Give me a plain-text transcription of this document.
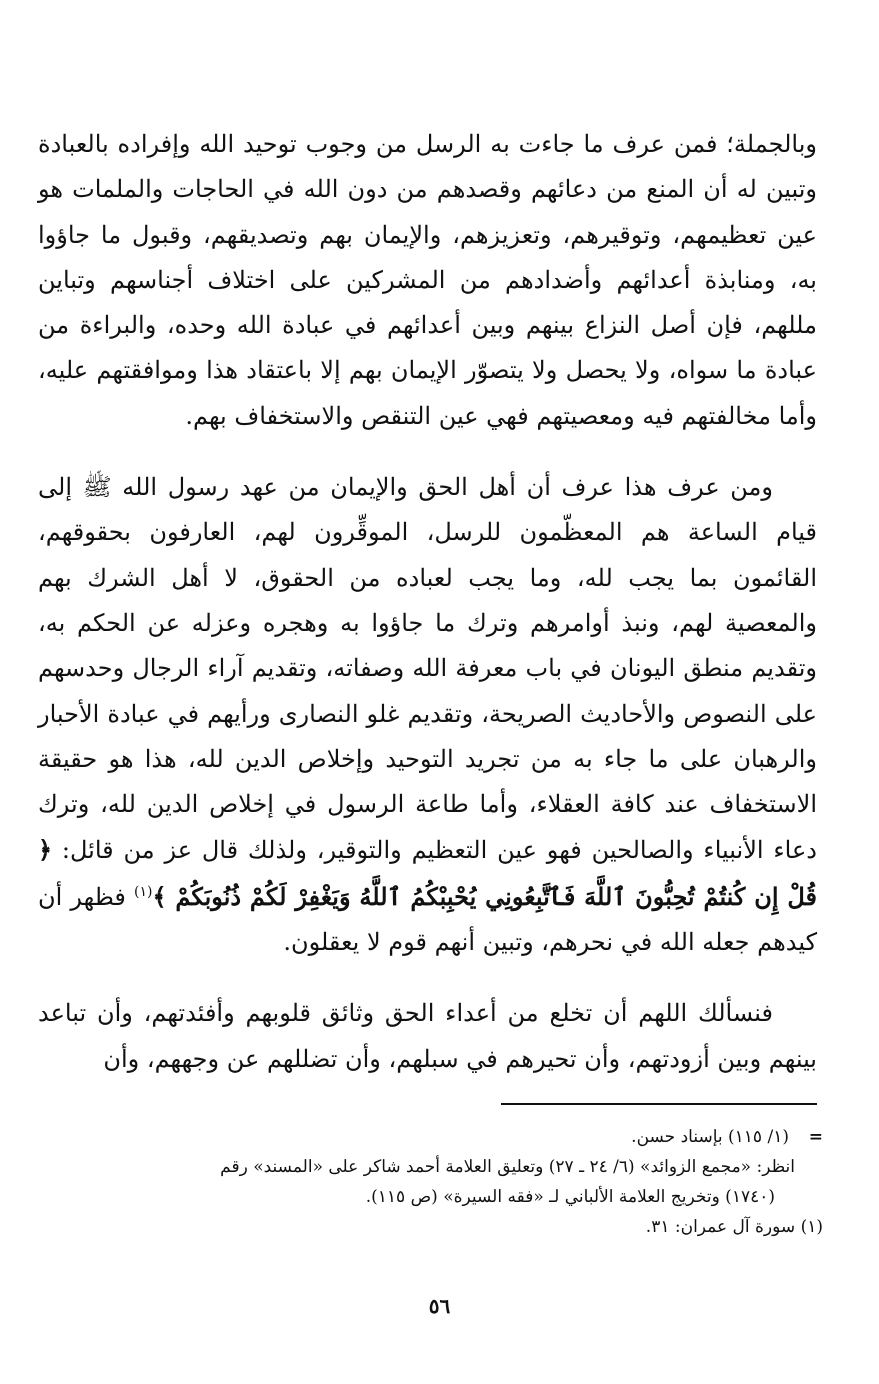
وبالجملة؛ فمن عرف ما جاءت به الرسل من وجوب توحيد الله وإفراده بالعبادة وتبين له أن المنع من دعائهم وقصدهم من دون الله في الحاجات والملمات هو عين تعظيمهم، وتوقيرهم، وتعزيزهم، والإيمان بهم وتصديقهم، وقبول ما جاؤوا به، ومنابذة أعدائهم وأضدادهم من المشركين على اختلاف أجناسهم وتباين مللهم، فإن أصل النزاع بينهم وبين أعدائهم في عبادة الله وحده، والبراءة من عبادة ما سواه، ولا يحصل ولا يتصوّر الإيمان بهم إلا باعتقاد هذا وموافقتهم عليه، وأما مخالفتهم فيه ومعصيتهم فهي عين التنقص والاستخفاف بهم.

ومن عرف هذا عرف أن أهل الحق والإيمان من عهد رسول الله ﷺ إلى قيام الساعة هم المعظّمون للرسل، الموقِّرون لهم، العارفون بحقوقهم، القائمون بما يجب لله، وما يجب لعباده من الحقوق، لا أهل الشرك بهم والمعصية لهم، ونبذ أوامرهم وترك ما جاؤوا به وهجره وعزله عن الحكم به، وتقديم منطق اليونان في باب معرفة الله وصفاته، وتقديم آراء الرجال وحدسهم على النصوص والأحاديث الصريحة، وتقديم غلو النصارى ورأيهم في عبادة الأحبار والرهبان على ما جاء به من تجريد التوحيد وإخلاص الدين لله، هذا هو حقيقة الاستخفاف عند كافة العقلاء، وأما طاعة الرسول في إخلاص الدين لله، وترك دعاء الأنبياء والصالحين فهو عين التعظيم والتوقير، ولذلك قال عز من قائل: ﴿ قُلْ إِن كُنتُمْ تُحِبُّونَ ٱللَّهَ فَٱتَّبِعُونِي يُحْبِبْكُمُ ٱللَّهُ وَيَغْفِرْ لَكُمْ ذُنُوبَكُمْ ﴾$^{(١)}$ فظهر أن كيدهم جعله الله في نحرهم، وتبين أنهم قوم لا يعقلون.

فنسألك اللهم أن تخلع من أعداء الحق وثائق قلوبهم وأفئدتهم، وأن تباعد بينهم وبين أزودتهم، وأن تحيرهم في سبلهم، وأن تضللهم عن وجههم، وأن

=(١/ ١١٥) بإسناد حسن.

انظر: «مجمع الزوائد» (٦/ ٢٤ ـ ٢٧) وتعليق العلامة أحمد شاكر على «المسند» رقم

(١٧٤٠) وتخريج العلامة الألباني لـ «فقه السيرة» (ص ١١٥).

(١) سورة آل عمران: ٣١.

٥٦
